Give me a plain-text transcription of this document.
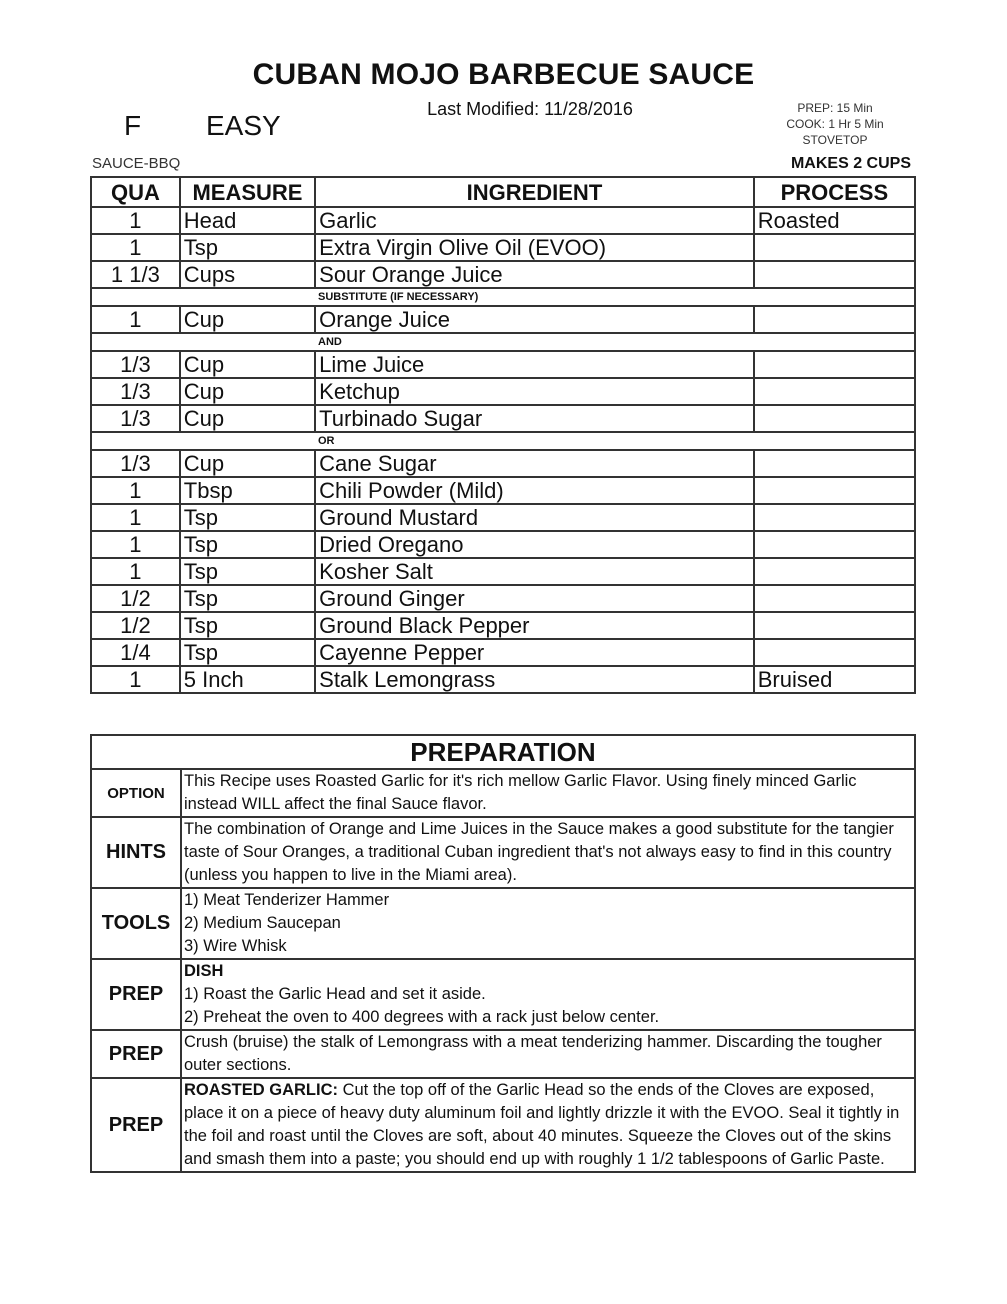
CUBAN MOJO BARBECUE SAUCE
Last Modified: 11/28/2016
F EASY
PREP: 15 Min
COOK: 1 Hr 5 Min
STOVETOP
SAUCE-BBQ	MAKES 2 CUPS
QUA	MEASURE	INGREDIENT	PROCESS
1	Head	Garlic	Roasted
1	Tsp	Extra Virgin Olive Oil (EVOO)	
1 1/3	Cups	Sour Orange Juice	
SUBSTITUTE (IF NECESSARY)			
1	Cup	Orange Juice	
AND			
1/3	Cup	Lime Juice	
1/3	Cup	Ketchup	
1/3	Cup	Turbinado Sugar	
OR			
1/3	Cup	Cane Sugar	
1	Tbsp	Chili Powder (Mild)	
1	Tsp	Ground Mustard	
1	Tsp	Dried Oregano	
1	Tsp	Kosher Salt	
1/2	Tsp	Ground Ginger	
1/2	Tsp	Ground Black Pepper	
1/4	Tsp	Cayenne Pepper	
1	5 Inch	Stalk Lemongrass	Bruised
PREPARATION	
OPTION	This Recipe uses Roasted Garlic for it's rich mellow Garlic Flavor. Using finely minced Garlic instead WILL affect the final Sauce flavor.

HINTS	The combination of Orange and Lime Juices in the Sauce makes a good substitute for the tangier taste of Sour Oranges, a traditional Cuban ingredient that's not always easy to find in this country (unless you happen to live in the Miami area).

TOOLS	1) Meat Tenderizer Hammer
2) Medium Saucepan
3) Wire Whisk

PREP	DISH
1) Roast the Garlic Head and set it aside.
2) Preheat the oven to 400 degrees with a rack just below center.

PREP	Crush (bruise) the stalk of Lemongrass with a meat tenderizing hammer. Discarding the tougher outer sections.

PREP	ROASTED GARLIC: Cut the top off of the Garlic Head so the ends of the Cloves are exposed, place it on a piece of heavy duty aluminum foil and lightly drizzle it with the EVOO. Seal it tightly in the foil and roast until the Cloves are soft, about 40 minutes. Squeeze the Cloves out of the skins and smash them into a paste; you should end up with roughly 1 1/2 tablespoons of Garlic Paste.
